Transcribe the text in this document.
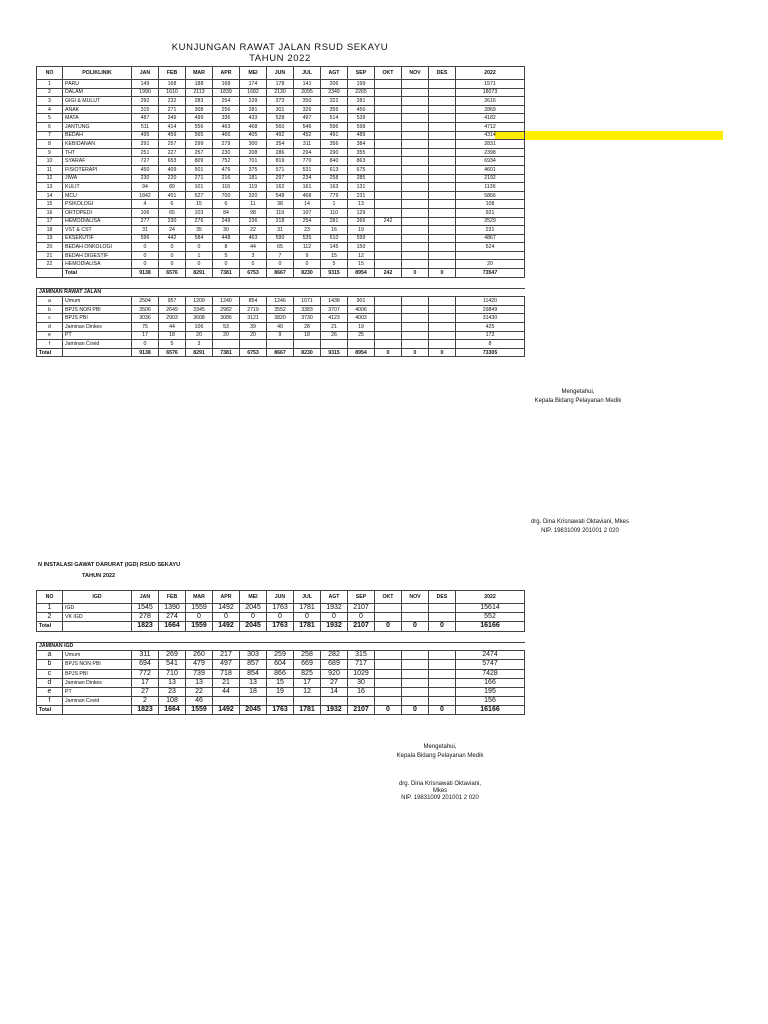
KUNJUNGAN RAWAT JALAN RSUD SEKAYU
TAHUN 2022
NO	POLIKLINIK	JAN	FEB	MAR	APR	MEI	JUN	JUL	AGT	SEP	OKT	NOV	DES	2022
1	PARU	149	168	188	168	174	178	141	206	199				1571
2	DALAM	1990	1610	2113	1839	1682	2130	2095	2349	2265				18073
3	GIGI & MULUT	292	232	283	254	229	373	350	322	281				2616
4	ANAK	315	271	308	256	281	301	326	355	456				2869
5	MATA	487	349	499	336	433	528	497	514	539				4182
6	JANTUNG	511	414	556	463	468	560	546	596	598				4712
7	BEDAH	495	459	565	466	405	492	452	491	489				4314
8	KEBIDANAN	291	257	299	279	300	354	311	356	384				2831
9	THT	251	227	257	230	208	286	294	290	355				2398
10	SYARAF	727	653	809	752	701	819	770	840	863				6934
11	FISIOTERAPI	450	409	501	476	375	571	531	613	675				4601
12	JIWA	230	220	271	216	181	297	234	258	285				2192
13	KULIT	94	89	101	116	119	162	161	163	131				1136
14	MCU	1842	451	527	700	320	548	468	779	231				5866
15	PSIKOLOGI	4	6	15	6	11	38	14	1	13				108
16	ORTOPEDI	106	65	103	84	98	119	107	110	129				921
17	HEMODIALISA	277	230	276	249	236	218	254	281	266	242			2529
18	VST & CST	31	24	35	30	22	31	23	16	19				231
19	EKSEKUTIF	596	442	584	448	463	590	535	610	599				4867
20	BEDAH ONKOLOGI	0	0	0	8	44	65	112	145	150				524
21	BEDAH DIGESTIF	0	0	1	5	3	7	9	15	12				
22	HEMODIALISA	0	0	0	0	0	0	0	5	15				20
	Total	9138	6576	8291	7381	6753	8667	8230	9315	8954	242	0	0	73547

JAMINAN RAWAT JALAN														
a	Umum	2504	957	1209	1240	854	1246	1071	1438	901				11420
b	BPJS NON PBI	3506	2649	3345	2982	2719	3552	3383	3707	4006				29849
c	BPJS PBI	3036	2903	3608	3086	3121	3820	3730	4123	4003				31430
d	Jaminan Dinkes	75	44	106	53	39	40	28	21	19				425
e	PT	17	18	20	20	20	9	18	26	25				173
f	Jaminan Covid	0	5	3										8
Total		9138	6576	8291	7381	6753	8667	8230	9315	8954	0	0	0	73305
Mengetahui,
Kepala Bidang Pelayanan Medik
drg. Dina Krisnawati Oktaviani, Mkes
NIP. 19831009 201001 2 020
N INSTALASI GAWAT DARURAT (IGD) RSUD SEKAYU
TAHUN 2022
NO	IGD	JAN	FEB	MAR	APR	MEI	JUN	JUL	AGT	SEP	OKT	NOV	DES	2022
1	IGD	1545	1390	1559	1492	2045	1763	1781	1932	2107				15614
2	VK IGD	278	274	0	0	0	0	0	0	0				552
Total		1823	1664	1559	1492	2045	1763	1781	1932	2107	0	0	0	16166

JAMINAN IGD														
a	Umum	311	269	260	217	303	259	258	282	315				2474
b	BPJS NON PBI	694	541	479	497	857	604	669	689	717				5747
c	BPJS PBI	772	710	739	718	854	866	825	920	1029				7428
d	Jaminan Dinkes	17	13	13	21	13	15	17	27	30				166
e	PT	27	23	22	44	18	19	12	14	16				195
f	Jaminan Covid	2	108	46										156
Total		1823	1664	1559	1492	2045	1763	1781	1932	2107	0	0	0	16166
Mengetahui,
Kepala Bidang Pelayanan Medik
drg. Dina Krisnawati Oktaviani,
Mkes
NIP. 19831009 201001 2 020
